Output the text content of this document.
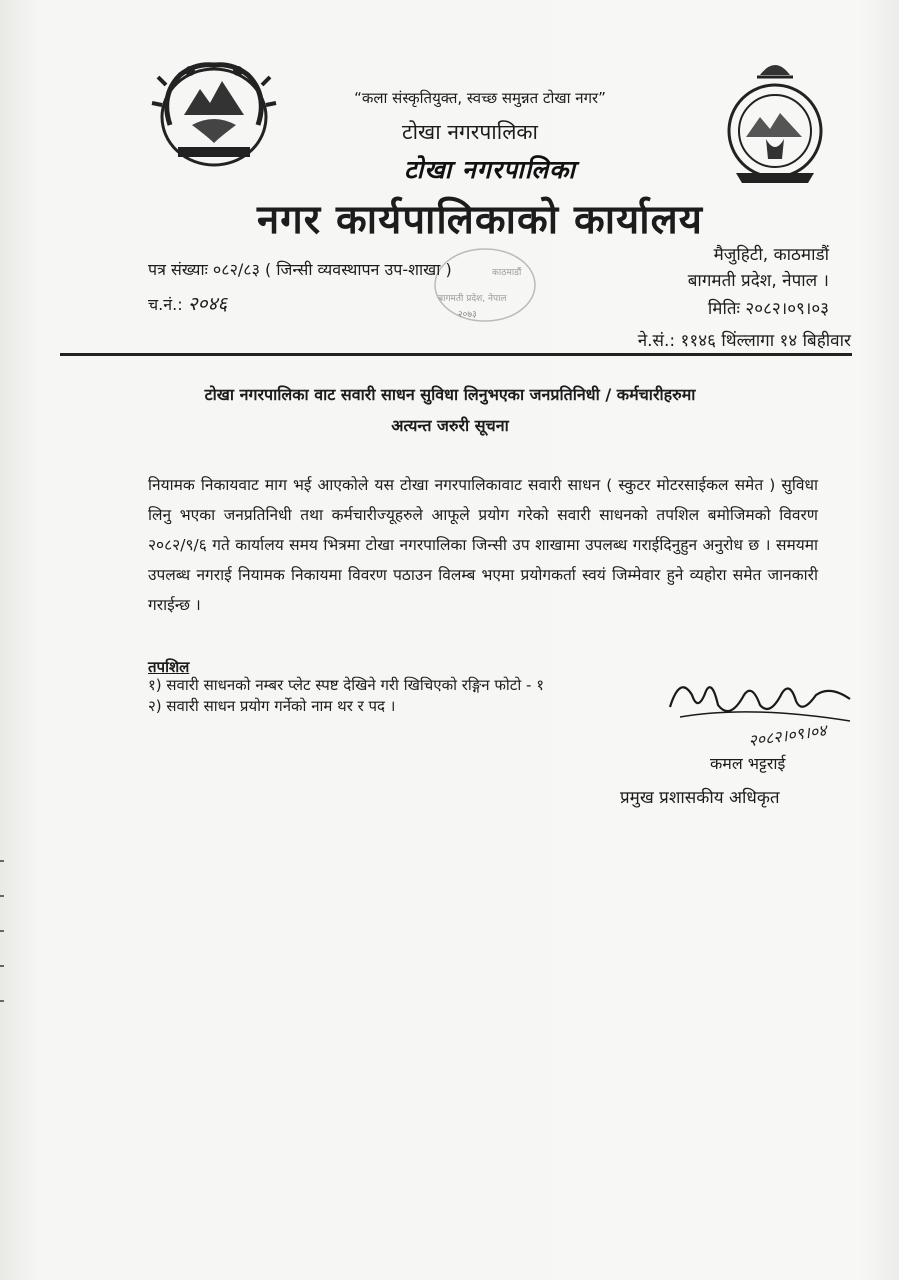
“कला संस्कृतियुक्त, स्वच्छ समुन्नत टोखा नगर”
टोखा नगरपालिका
टोखा नगरपालिका
नगर कार्यपालिकाको कार्यालय
काठमाडौं
बागमती प्रदेश, नेपाल
२०७३
मैजुहिटी, काठमाडौं
बागमती प्रदेश, नेपाल ।
मितिः २०८२।०९।०३
ने.सं.: ११४६ थिंल्लागा १४ बिहीवार
पत्र संख्याः ०८२/८३ ( जिन्सी व्यवस्थापन उप-शाखा )
च.नं.: २०४६
टोखा नगरपालिका वाट सवारी साधन सुविधा लिनुभएका जनप्रतिनिधी / कर्मचारीहरुमा
अत्यन्त जरुरी सूचना
नियामक निकायवाट माग भई आएकोले यस टोखा नगरपालिकावाट सवारी साधन ( स्कुटर मोटरसाईकल समेत ) सुविधा लिनु भएका जनप्रतिनिधी तथा कर्मचारीज्यूहरुले आफूले प्रयोग गरेको सवारी साधनको तपशिल बमोजिमको विवरण २०८२/९/६ गते कार्यालय समय भित्रमा टोखा नगरपालिका जिन्सी उप शाखामा उपलब्ध गराईदिनुहुन अनुरोध छ । समयमा उपलब्ध नगराई नियामक निकायमा विवरण पठाउन विलम्ब भएमा प्रयोगकर्ता स्वयं जिम्मेवार हुने व्यहोरा समेत जानकारी गराईन्छ ।
तपशिल
१) सवारी साधनको नम्बर प्लेट स्पष्ट देखिने गरी खिचिएको रङ्गिन फोटो - १
२) सवारी साधन प्रयोग गर्नेको नाम थर र पद ।
२०८२।०९।०४
कमल भट्टराई
प्रमुख प्रशासकीय अधिकृत
